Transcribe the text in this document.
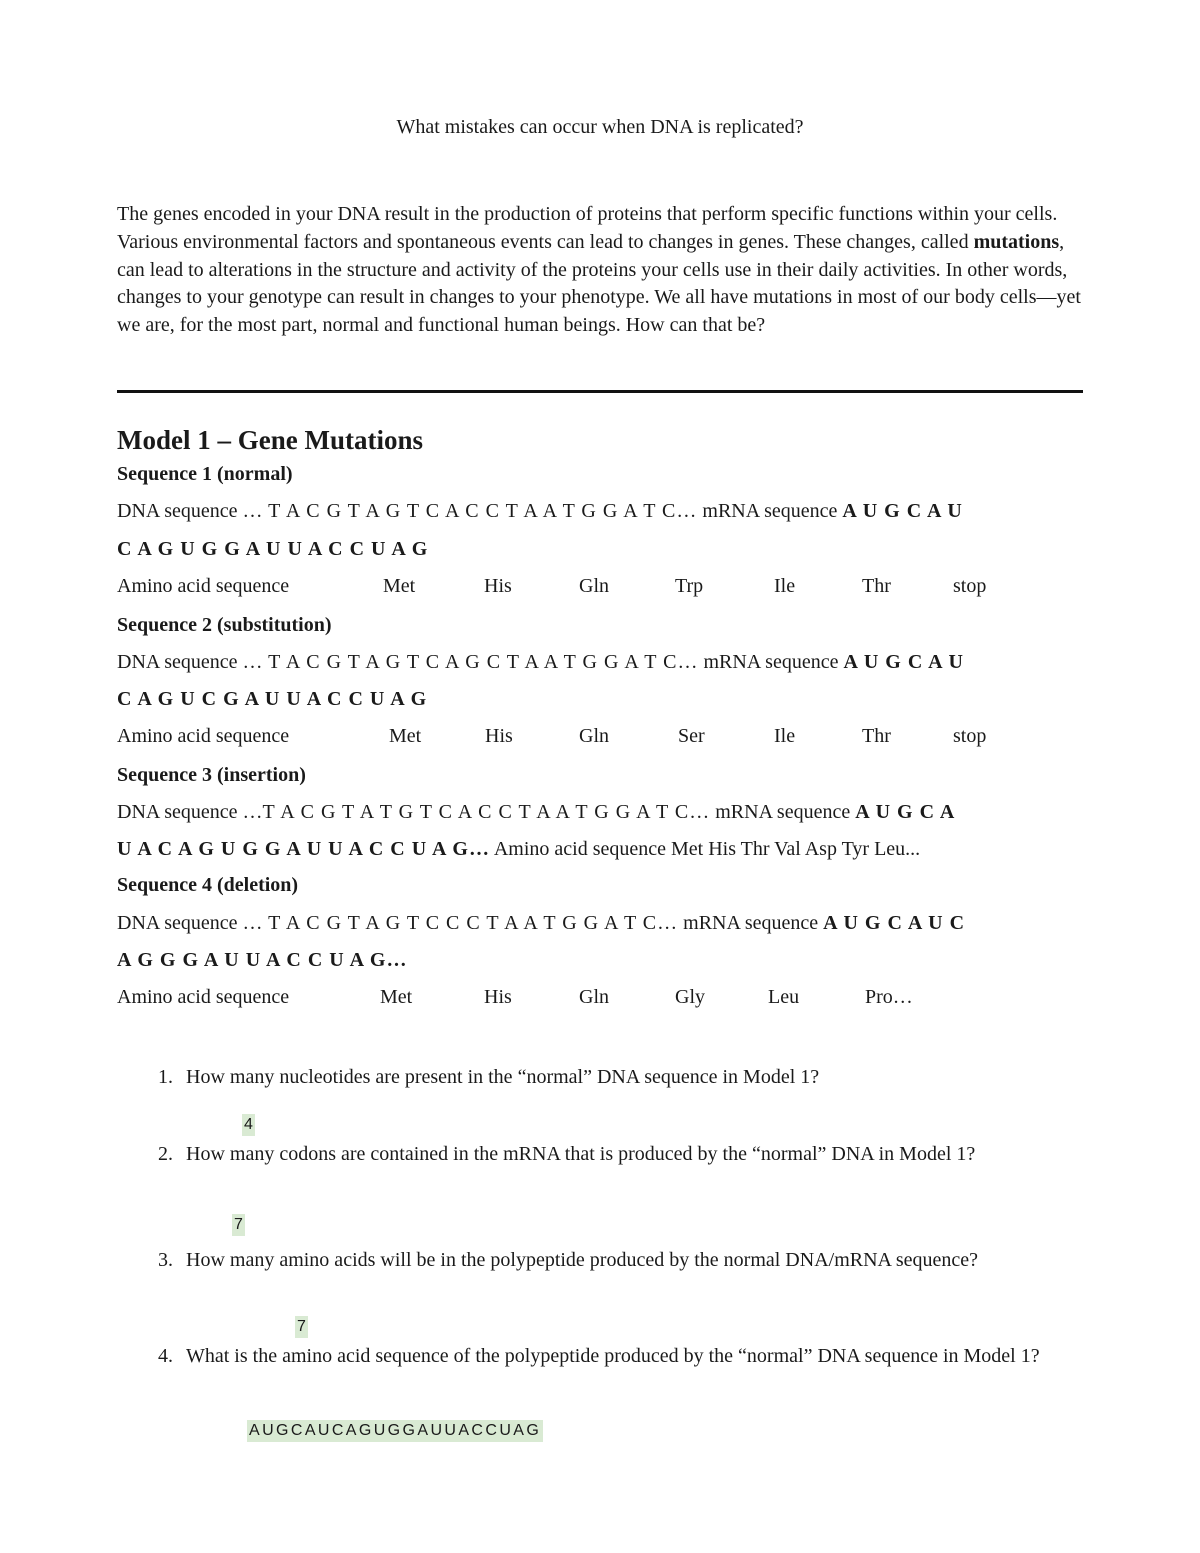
What mistakes can occur when DNA is replicated?
The genes encoded in your DNA result in the production of proteins that perform specific functions within your cells. Various environmental factors and spontaneous events can lead to changes in genes. These changes, called mutations, can lead to alterations in the structure and activity of the proteins your cells use in their daily activities. In other words, changes to your genotype can result in changes to your phenotype. We all have mutations in most of our body cells—yet we are, for the most part, normal and functional human beings. How can that be?
Model 1 – Gene Mutations
Sequence 1 (normal)
DNA sequence … T A C G T A G T C A C C T A A T G G A T C… mRNA sequence A U G C A U
C A G U G G A U U A C C U A G
Amino acid sequence	Met	His	Gln	Trp	Ile	Thr	stop
Sequence 2 (substitution)
DNA sequence … T A C G T A G T C A G C T A A T G G A T C… mRNA sequence A U G C A U
C A G U C G A U U A C C U A G
Amino acid sequence	Met	His	Gln	Ser	Ile	Thr	stop
Sequence 3 (insertion)
DNA sequence …T A C G T A T G T C A C C T A A T G G A T C… mRNA sequence A U G C A
U A C A G U G G A U U A C C U A G… Amino acid sequence Met His Thr Val Asp Tyr Leu...
Sequence 4 (deletion)
DNA sequence … T A C G T A G T C C C T A A T G G A T C… mRNA sequence A U G C A U C
A G G G A U U A C C U A G…
Amino acid sequence	Met	His	Gln	Gly	Leu	Pro…
1. How many nucleotides are present in the “normal” DNA sequence in Model 1?
4
2. How many codons are contained in the mRNA that is produced by the “normal” DNA in Model 1?
7
3. How many amino acids will be in the polypeptide produced by the normal DNA/mRNA sequence?
7
4. What is the amino acid sequence of the polypeptide produced by the “normal” DNA sequence in Model 1?
AUGCAUCAGUGGAUUACCUAG
